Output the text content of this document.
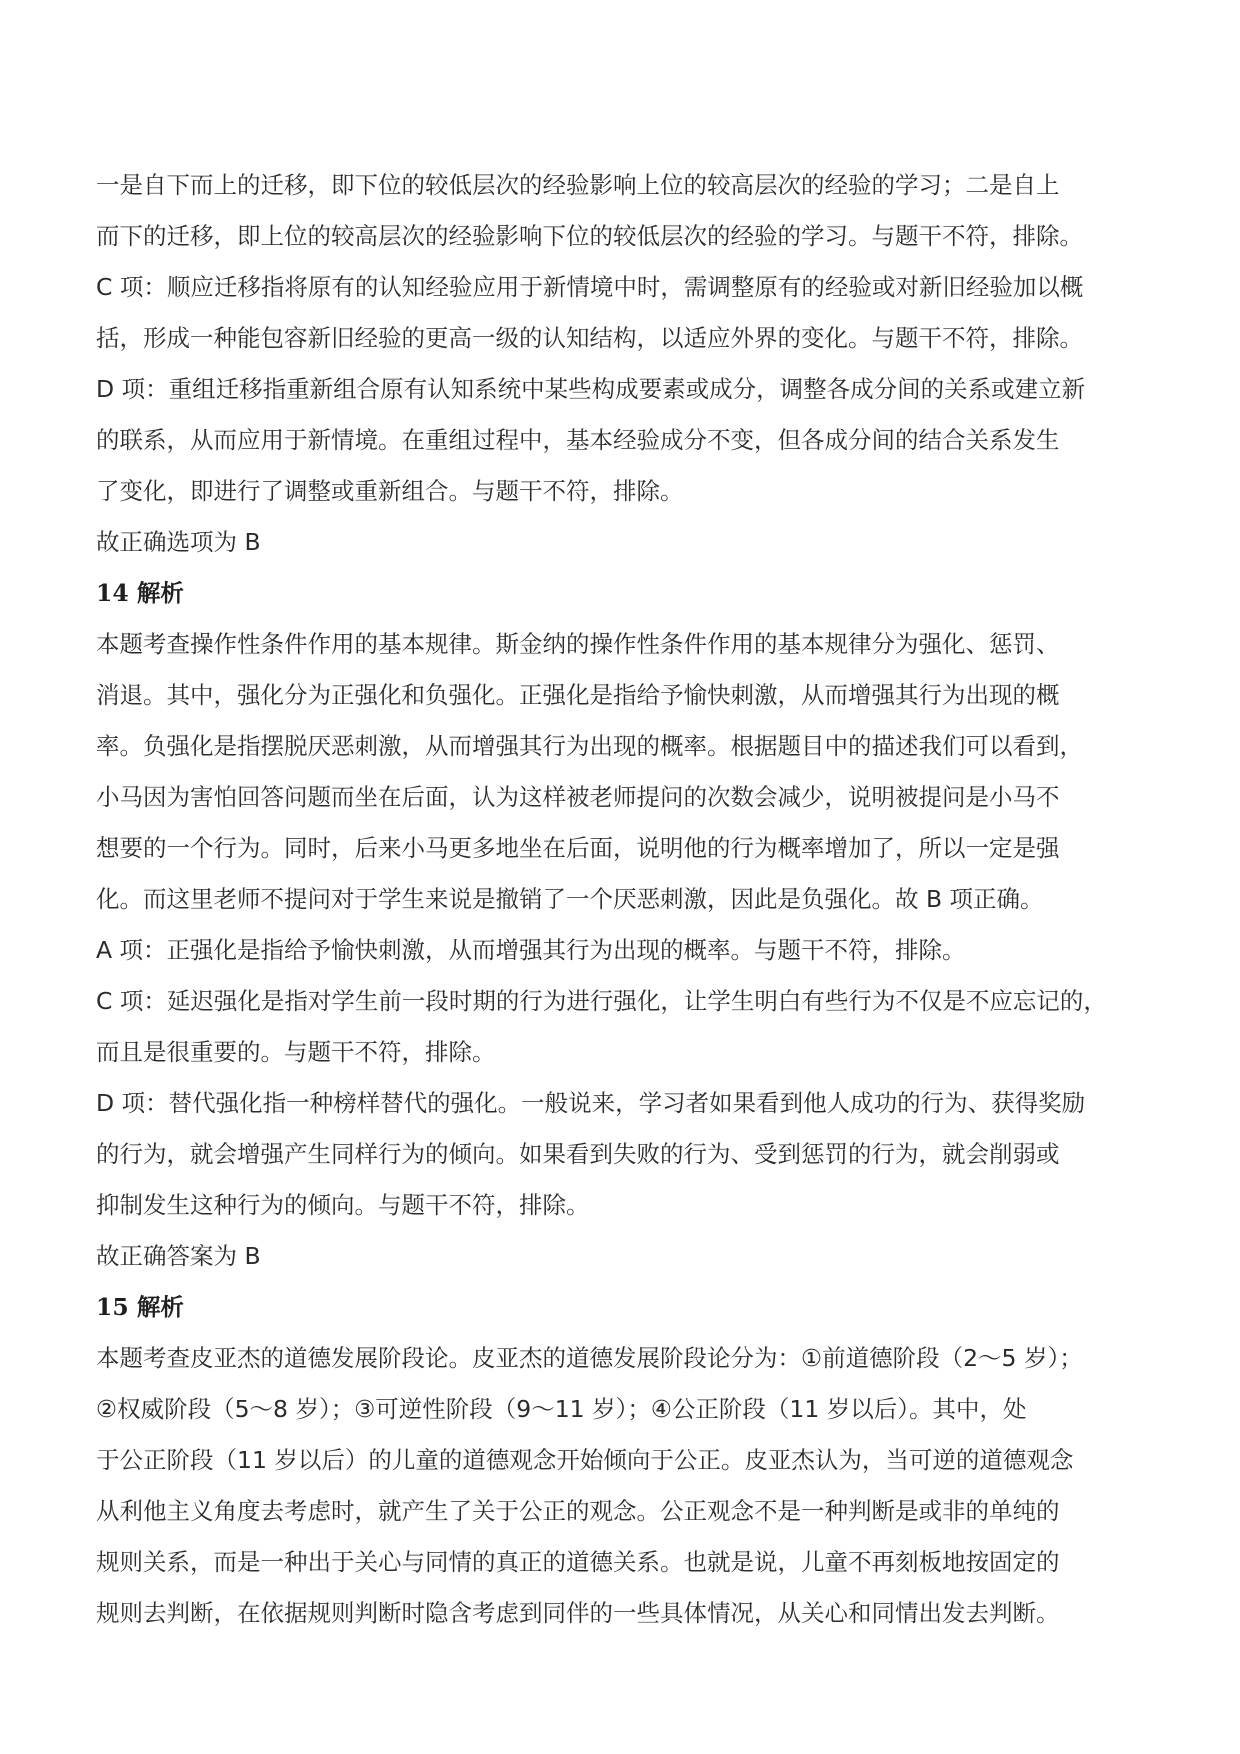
一是自下而上的迁移，即下位的较低层次的经验影响上位的较高层次的经验的学习；二是自上
而下的迁移，即上位的较高层次的经验影响下位的较低层次的经验的学习。与题干不符，排除。
C 项：顺应迁移指将原有的认知经验应用于新情境中时，需调整原有的经验或对新旧经验加以概
括，形成一种能包容新旧经验的更高一级的认知结构，以适应外界的变化。与题干不符，排除。
D 项：重组迁移指重新组合原有认知系统中某些构成要素或成分，调整各成分间的关系或建立新
的联系，从而应用于新情境。在重组过程中，基本经验成分不变，但各成分间的结合关系发生
了变化，即进行了调整或重新组合。与题干不符，排除。
故正确选项为 B
14 解析
本题考查操作性条件作用的基本规律。斯金纳的操作性条件作用的基本规律分为强化、惩罚、
消退。其中，强化分为正强化和负强化。正强化是指给予愉快刺激，从而增强其行为出现的概
率。负强化是指摆脱厌恶刺激，从而增强其行为出现的概率。根据题目中的描述我们可以看到，
小马因为害怕回答问题而坐在后面，认为这样被老师提问的次数会减少，说明被提问是小马不
想要的一个行为。同时，后来小马更多地坐在后面，说明他的行为概率增加了，所以一定是强
化。而这里老师不提问对于学生来说是撤销了一个厌恶刺激，因此是负强化。故 B 项正确。
A 项：正强化是指给予愉快刺激，从而增强其行为出现的概率。与题干不符，排除。
C 项：延迟强化是指对学生前一段时期的行为进行强化，让学生明白有些行为不仅是不应忘记的，
而且是很重要的。与题干不符，排除。
D 项：替代强化指一种榜样替代的强化。一般说来，学习者如果看到他人成功的行为、获得奖励
的行为，就会增强产生同样行为的倾向。如果看到失败的行为、受到惩罚的行为，就会削弱或
抑制发生这种行为的倾向。与题干不符，排除。
故正确答案为 B
15 解析
本题考查皮亚杰的道德发展阶段论。皮亚杰的道德发展阶段论分为：①前道德阶段（2～5 岁）；
②权威阶段（5～8 岁）；③可逆性阶段（9～11 岁）；④公正阶段（11 岁以后）。其中，处
于公正阶段（11 岁以后）的儿童的道德观念开始倾向于公正。皮亚杰认为，当可逆的道德观念
从利他主义角度去考虑时，就产生了关于公正的观念。公正观念不是一种判断是或非的单纯的
规则关系，而是一种出于关心与同情的真正的道德关系。也就是说，儿童不再刻板地按固定的
规则去判断，在依据规则判断时隐含考虑到同伴的一些具体情况，从关心和同情出发去判断。
